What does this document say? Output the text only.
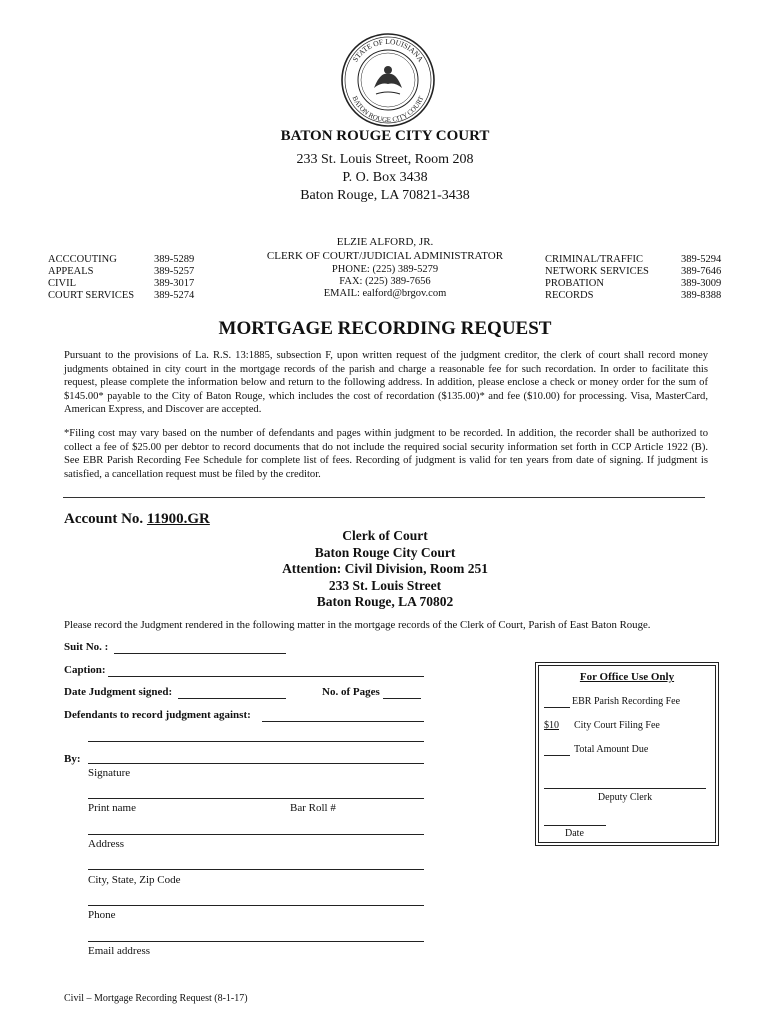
STATE OF LOUISIANA
BATON ROUGE CITY COURT
BATON ROUGE CITY COURT
233 St. Louis Street, Room 208
P. O. Box 3438
Baton Rouge, LA 70821-3438
ELZIE ALFORD, JR.
CLERK OF COURT/JUDICIAL ADMINISTRATOR
PHONE: (225) 389-5279
FAX: (225) 389-7656
EMAIL: ealford@brgov.com
ACCCOUTING	389-5289
APPEALS	389-5257
CIVIL	389-3017
COURT SERVICES	389-5274
CRIMINAL/TRAFFIC	389-5294
NETWORK SERVICES	389-7646
PROBATION	389-3009
RECORDS	389-8388
MORTGAGE RECORDING REQUEST
Pursuant to the provisions of La. R.S. 13:1885, subsection F, upon written request of the judgment creditor, the clerk of court shall record money judgments obtained in city court in the mortgage records of the parish and charge a reasonable fee for such recordation. In order to facilitate this request, please complete the information below and return to the following address. In addition, please enclose a check or money order for the sum of $145.00* payable to the City of Baton Rouge, which includes the cost of recordation ($135.00)* and fee ($10.00) for processing. Visa, MasterCard, American Express, and Discover are accepted.
*Filing cost may vary based on the number of defendants and pages within judgment to be recorded. In addition, the recorder shall be authorized to collect a fee of $25.00 per debtor to record documents that do not include the required social security information set forth in CCP Article 1922 (B). See EBR Parish Recording Fee Schedule for complete list of fees. Recording of judgment is valid for ten years from date of signing. If judgment is satisfied, a cancellation request must be filed by the creditor.
Account No. 11900.GR
Clerk of Court
Baton Rouge City Court
Attention: Civil Division, Room 251
233 St. Louis Street
Baton Rouge, LA 70802
Please record the Judgment rendered in the following matter in the mortgage records of the Clerk of Court, Parish of East Baton Rouge.
Suit No. :
Caption:
Date Judgment signed:	No. of Pages
Defendants to record judgment against:
By:
Signature
Print name	Bar Roll #
Address
City, State, Zip Code
Phone
Email address
For Office Use Only
EBR Parish Recording Fee
$10	City Court Filing Fee
Total Amount Due
Deputy Clerk
Date
Civil – Mortgage Recording Request (8-1-17)
